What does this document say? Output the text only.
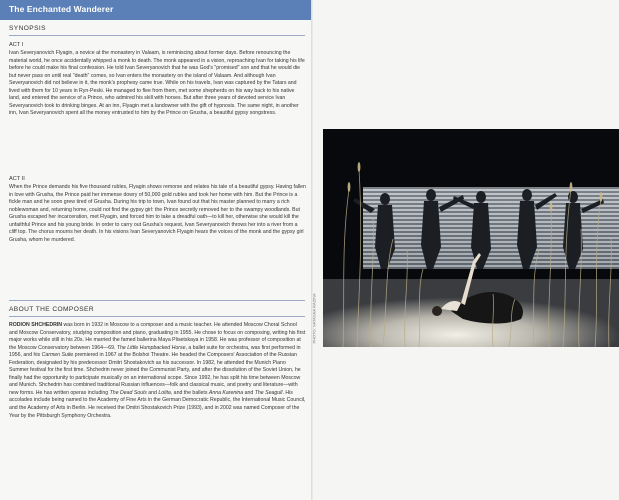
The Enchanted Wanderer
SYNOPSIS
ACT I
Ivan Severyanovich Flyagin, a novice at the monastery in Valaam, is reminiscing about former days. Before renouncing the material world, he once accidentally whipped a monk to death. The monk appeared in a vision, reproaching Ivan for taking his life before he could make his final confession. He told Ivan Severyanovich that he was God's "promised" son and that he would die but never pass on until real "death" comes, so Ivan enters the monastery on the island of Valaam. And although Ivan Severyanovich did not believe in it, the monk's prophesy came true. While on his travels, Ivan was captured by the Tatars and lived with them for 10 years in Ryn-Peski. He managed to flee from them, met some shepherds on his way back to his native land, and entered the service of a Prince, who admired his skill with horses. But after three years of devoted service Ivan Severyanovich took to drinking binges. At an inn, Flyagin met a landowner with the gift of hypnosis. The same night, in another inn, Ivan Severyanovich spent all the money entrusted to him by the Prince on Grusha, a beautiful gypsy songstress.
ACT II
When the Prince demands his five thousand rubles, Flyagin shows remorse and relates his tale of a beautiful gypsy. Having fallen in love with Grusha, the Prince paid her immense dowry of 50,000 gold rubles and took her home with him. But the Prince is a fickle man and he soon grew tired of Grusha. During his trip to town, Ivan found out that his master planned to marry a rich noblewoman and, returning home, could not find the gypsy girl: the Prince secretly removed her to the swampy woodlands. But Grusha escaped her incarceration, met Flyagin, and forced him to take a dreadful oath—to kill her, otherwise she would kill the unfaithful Prince and his young bride. In order to carry out Grusha's request, Ivan Severyanovich throws her into a river from a cliff top. The chorus mourns her death. In his visions Ivan Severyanovich Flyagin hears the voices of the monk and the gypsy girl Grusha, whom he murdered.
ABOUT THE COMPOSER
RODION SHCHEDRIN was born in 1932 in Moscow to a composer and a music teacher. He attended Moscow Choral School and Moscow Conservatory, studying composition and piano, graduating in 1955. He chose to focus on composing, writing his first major works while still in his 20s. He married the famed ballerina Maya Plisetskaya in 1958. He was professor of composition at the Moscow Conservatory between 1964—69. The Little Humpbacked Horse, a ballet suite for orchestra, was first performed in 1956, and his Carmen Suite premiered in 1967 at the Bolshoi Theatre. He headed the Composers' Association of the Russian Federation, designated by his predecessor Dmitri Shostakovich as his successor. In 1982, he attended the Munich Piano Summer festival for the first time. Shchedrin never joined the Communist Party, and after the dissolution of the Soviet Union, he finally had the opportunity to participate musically on an international scope. Since 1992, he has split his time between Moscow and Munich. Shchedrin has combined traditional Russian influences—folk and classical music, and poetry and literature—with new forms. He has written operas including The Dead Souls and Lolita, and the ballets Anna Karenina and The Seagull. His accolades include being named to the Academy of Fine Arts in the German Democratic Republic, the International Music Council, and the Academy of Arts in Berlin. He received the Dmitri Shostakovich Prize (1993), and in 2002 was named Composer of the Year by the Pittsburgh Symphony Orchestra.
PHOTO: NATASHA RAZINA
